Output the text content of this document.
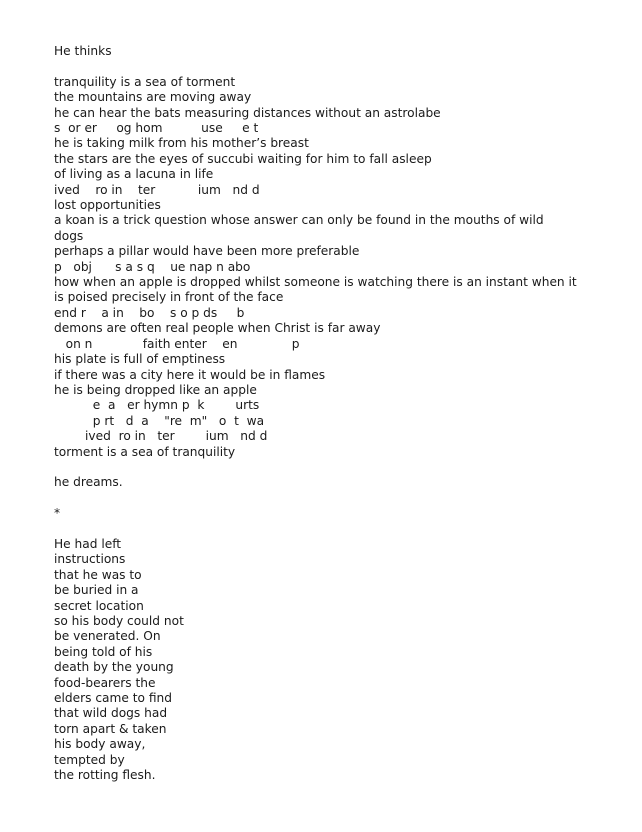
He thinks
tranquility is a sea of torment
the mountains are moving away
he can hear the bats measuring distances without an astrolabe
s  or er     og hom          use     e t
he is taking milk from his mother’s breast
the stars are the eyes of succubi waiting for him to fall asleep
of living as a lacuna in life
ived    ro in    ter           ium   nd d
lost opportunities
a koan is a trick question whose answer can only be found in the mouths of wild
dogs
perhaps a pillar would have been more preferable
p   obj      s a s q    ue nap n abo
how when an apple is dropped whilst someone is watching there is an instant when it
is poised precisely in front of the face
end r    a in    bo    s o p ds     b
demons are often real people when Christ is far away
on n             faith enter    en              p
his plate is full of emptiness
if there was a city here it would be in flames
he is being dropped like an apple
e  a   er hymn p  k        urts
p rt   d  a    "re  m"   o  t  wa
ived  ro in   ter        ium   nd d
torment is a sea of tranquility
he dreams.
*
He had left
instructions
that he was to
be buried in a
secret location
so his body could not
be venerated. On
being told of his
death by the young
food-bearers the
elders came to find
that wild dogs had
torn apart & taken
his body away,
tempted by
the rotting flesh.
